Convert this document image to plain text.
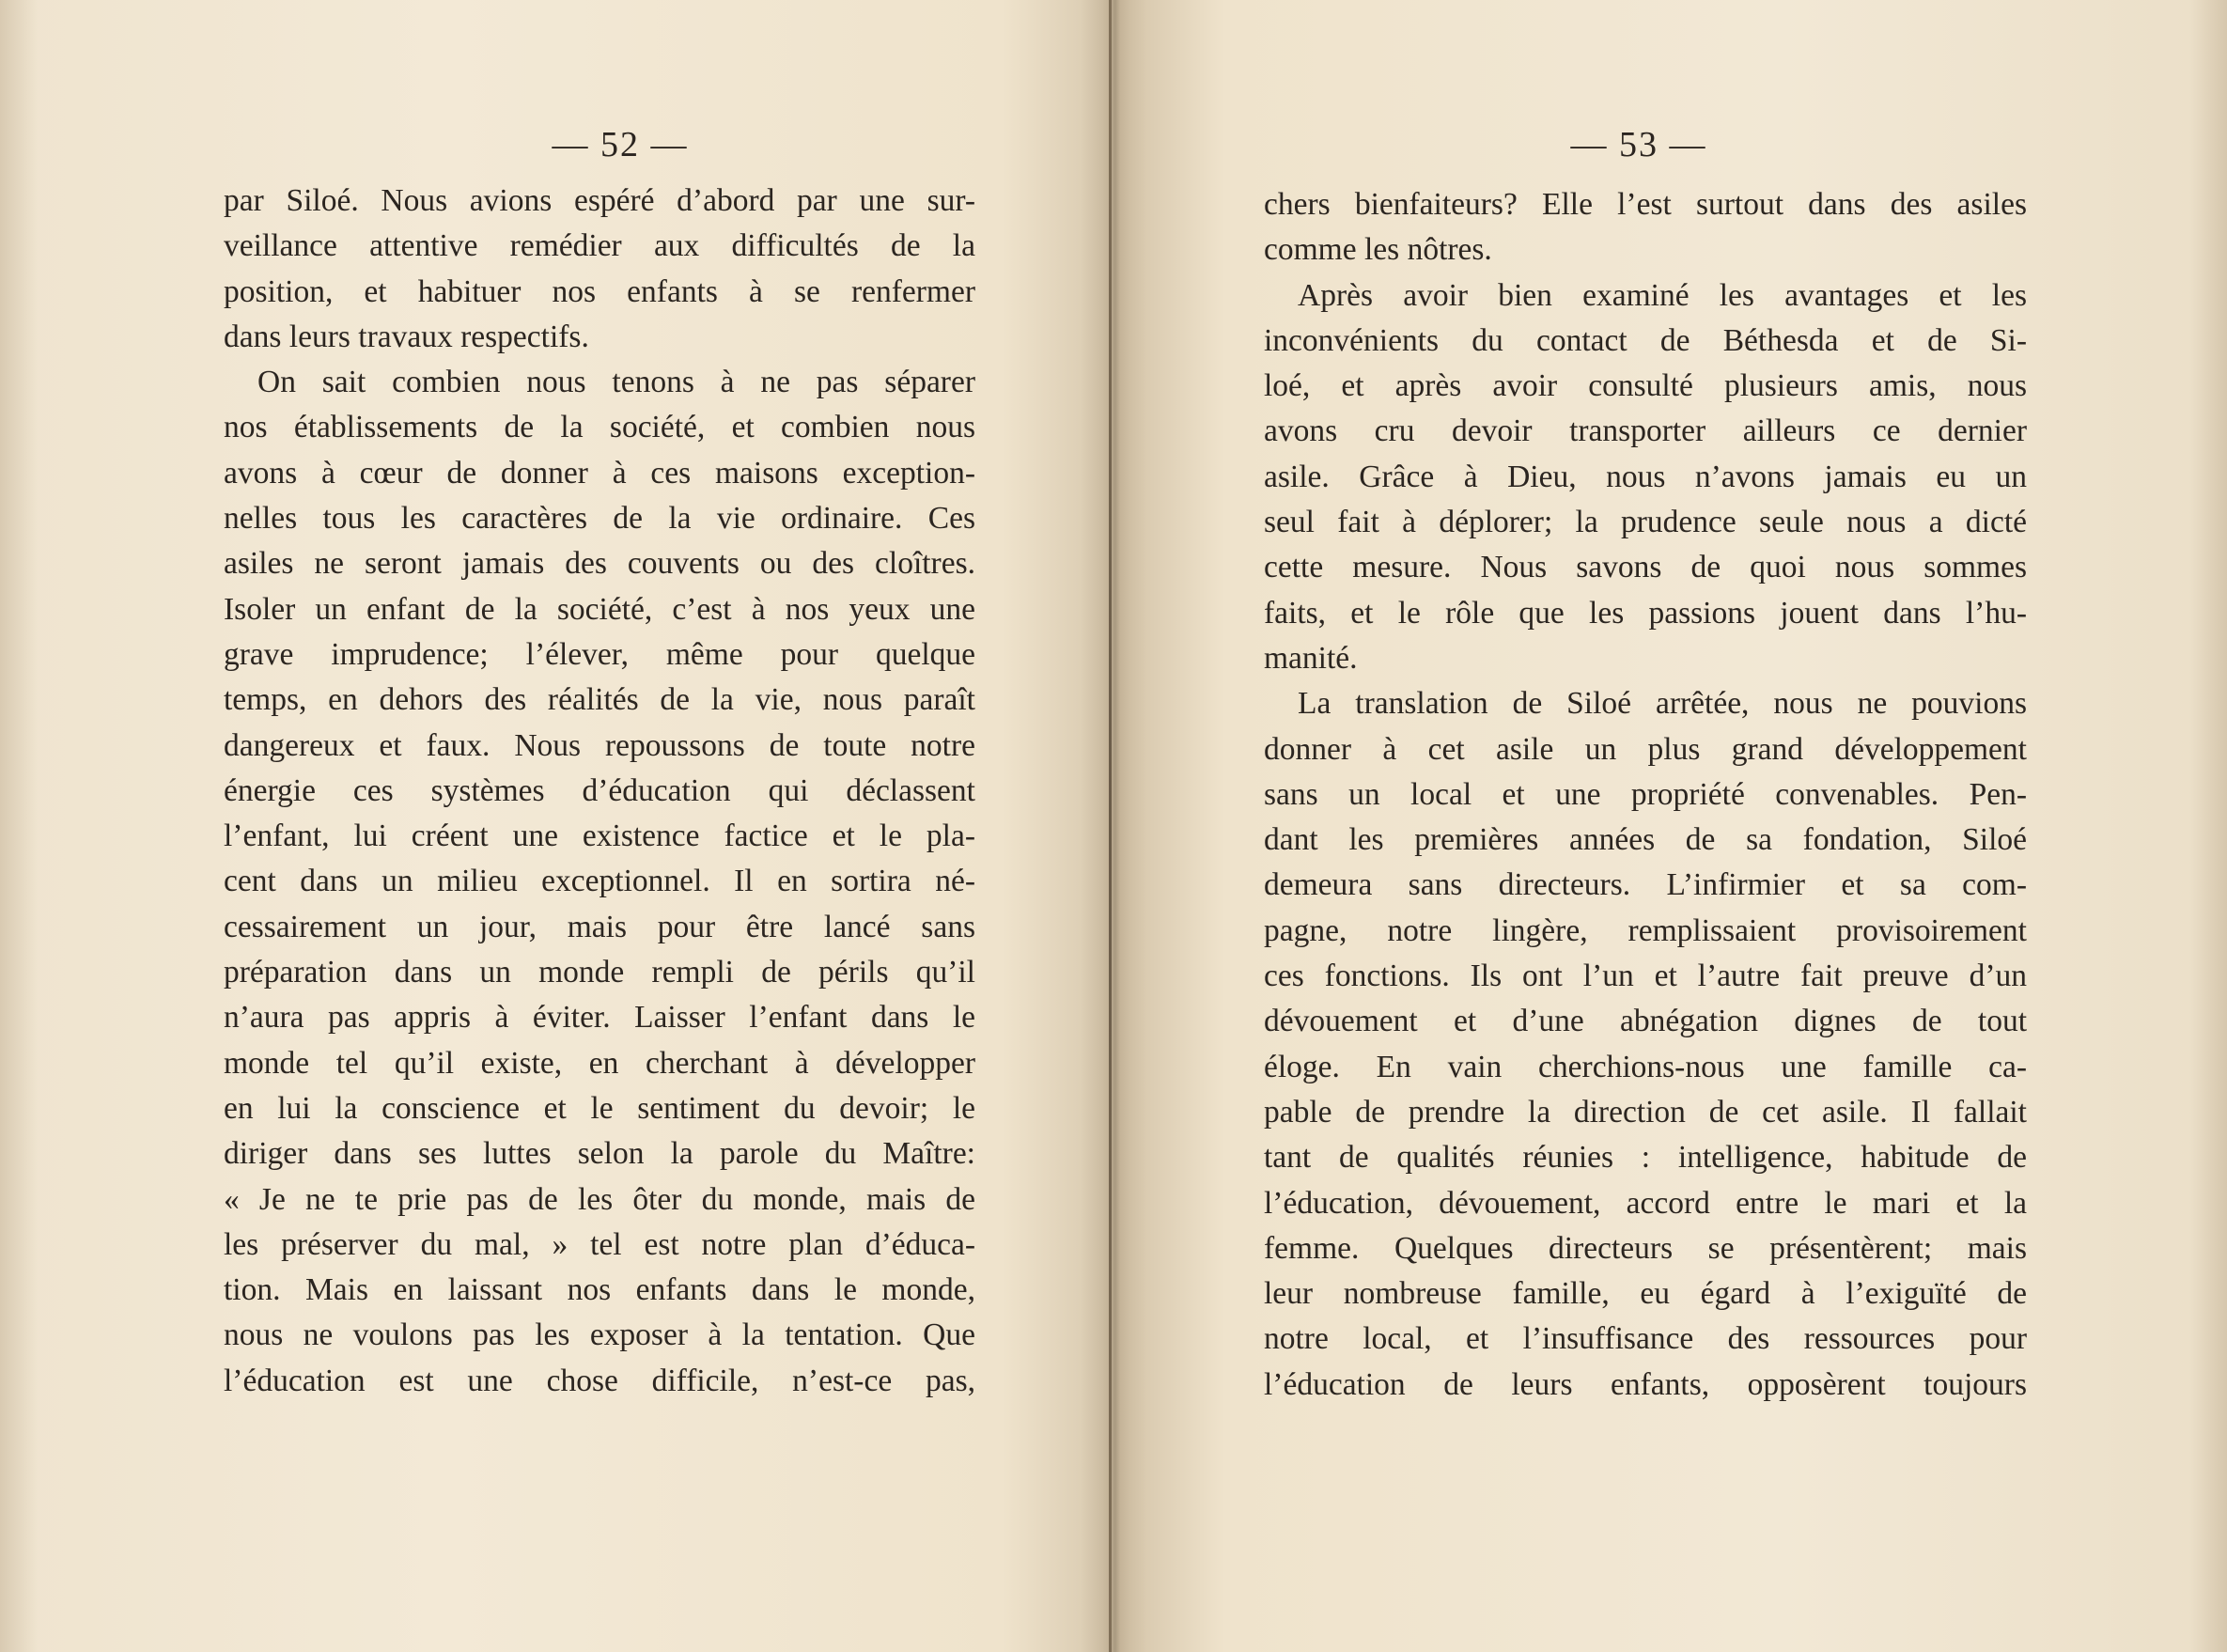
— 52 —
par Siloé. Nous avions espéré d’abord par une sur-
veillance attentive remédier aux difficultés de la
position, et habituer nos enfants à se renfermer
dans leurs travaux respectifs.
On sait combien nous tenons à ne pas séparer
nos établissements de la société, et combien nous
avons à cœur de donner à ces maisons exception-
nelles tous les caractères de la vie ordinaire. Ces
asiles ne seront jamais des couvents ou des cloîtres.
Isoler un enfant de la société, c’est à nos yeux une
grave imprudence; l’élever, même pour quelque
temps, en dehors des réalités de la vie, nous paraît
dangereux et faux. Nous repoussons de toute notre
énergie ces systèmes d’éducation qui déclassent
l’enfant, lui créent une existence factice et le pla-
cent dans un milieu exceptionnel. Il en sortira né-
cessairement un jour, mais pour être lancé sans
préparation dans un monde rempli de périls qu’il
n’aura pas appris à éviter. Laisser l’enfant dans le
monde tel qu’il existe, en cherchant à développer
en lui la conscience et le sentiment du devoir; le
diriger dans ses luttes selon la parole du Maître:
« Je ne te prie pas de les ôter du monde, mais de
les préserver du mal, » tel est notre plan d’éduca-
tion. Mais en laissant nos enfants dans le monde,
nous ne voulons pas les exposer à la tentation. Que
l’éducation est une chose difficile, n’est-ce pas,
— 53 —
chers bienfaiteurs? Elle l’est surtout dans des asiles
comme les nôtres.
Après avoir bien examiné les avantages et les
inconvénients du contact de Béthesda et de Si-
loé, et après avoir consulté plusieurs amis, nous
avons cru devoir transporter ailleurs ce dernier
asile. Grâce à Dieu, nous n’avons jamais eu un
seul fait à déplorer; la prudence seule nous a dicté
cette mesure. Nous savons de quoi nous sommes
faits, et le rôle que les passions jouent dans l’hu-
manité.
La translation de Siloé arrêtée, nous ne pouvions
donner à cet asile un plus grand développement
sans un local et une propriété convenables. Pen-
dant les premières années de sa fondation, Siloé
demeura sans directeurs. L’infirmier et sa com-
pagne, notre lingère, remplissaient provisoirement
ces fonctions. Ils ont l’un et l’autre fait preuve d’un
dévouement et d’une abnégation dignes de tout
éloge. En vain cherchions-nous une famille ca-
pable de prendre la direction de cet asile. Il fallait
tant de qualités réunies : intelligence, habitude de
l’éducation, dévouement, accord entre le mari et la
femme. Quelques directeurs se présentèrent; mais
leur nombreuse famille, eu égard à l’exiguïté de
notre local, et l’insuffisance des ressources pour
l’éducation de leurs enfants, opposèrent toujours
